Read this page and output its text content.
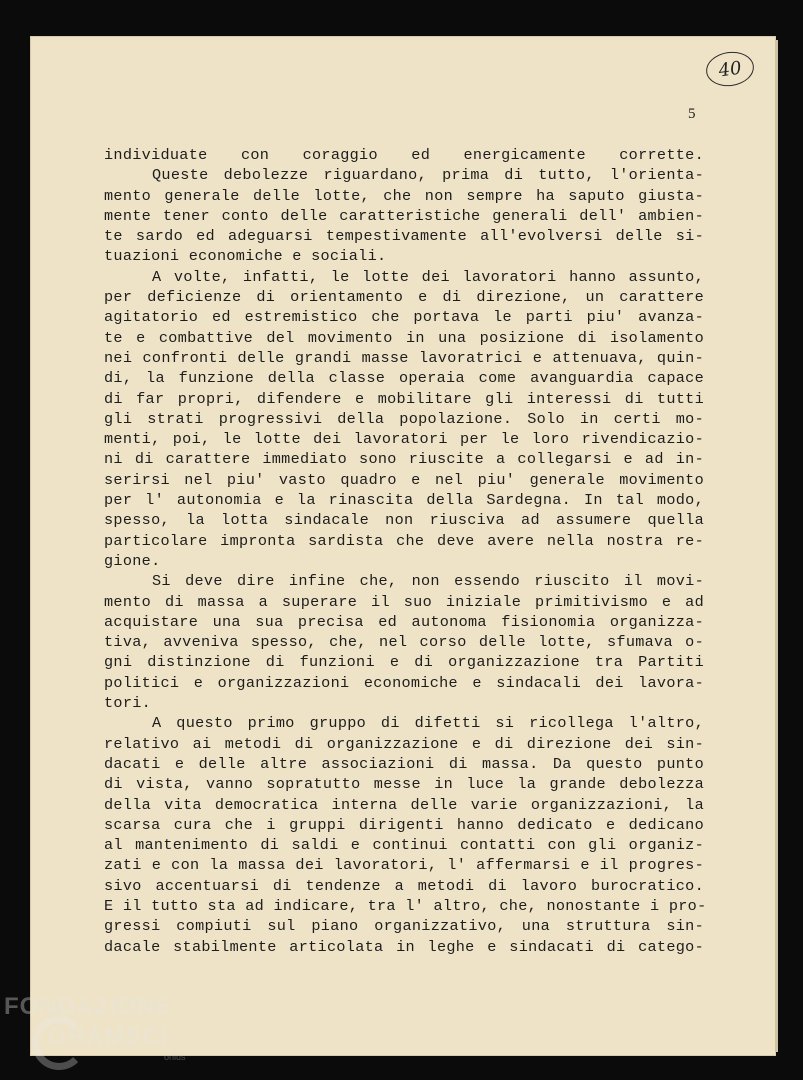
40
5
individuate con coraggio ed energicamente corrette.
Queste debolezze riguardano, prima di tutto, l'orienta-
mento generale delle lotte, che non sempre ha saputo giusta-
mente tener conto delle caratteristiche generali dell' ambien-
te sardo ed adeguarsi tempestivamente all'evolversi delle si-
tuazioni economiche e sociali.
A volte, infatti, le lotte dei lavoratori hanno assunto,
per deficienze di orientamento e di direzione, un carattere
agitatorio ed estremistico che portava le parti piu' avanza-
te e combattive del movimento in una posizione di isolamento
nei confronti delle grandi masse lavoratrici e attenuava, quin-
di, la funzione della classe operaia come avanguardia capace
di far propri, difendere e mobilitare gli interessi di tutti
gli strati progressivi della popolazione. Solo in certi mo-
menti, poi, le lotte dei lavoratori per le loro rivendicazio-
ni di carattere immediato sono riuscite a collegarsi e ad in-
serirsi nel piu' vasto quadro e nel piu' generale movimento
per l' autonomia e la rinascita della Sardegna. In tal modo,
spesso, la lotta sindacale non riusciva ad assumere quella
particolare impronta sardista che deve avere nella nostra re-
gione.
Si deve dire infine che, non essendo riuscito il movi-
mento di massa a superare il suo iniziale primitivismo e ad
acquistare una sua precisa ed autonoma fisionomia organizza-
tiva, avveniva spesso, che, nel corso delle lotte, sfumava o-
gni distinzione di funzioni e di organizzazione tra Partiti
politici e organizzazioni economiche e sindacali dei lavora-
tori.
A questo primo gruppo di difetti si ricollega l'altro,
relativo ai metodi di organizzazione e di direzione dei sin-
dacati e delle altre associazioni di massa. Da questo punto
di vista, vanno sopratutto messe in luce la grande debolezza
della vita democratica interna delle varie organizzazioni, la
scarsa cura che i gruppi dirigenti hanno dedicato e dedicano
al mantenimento di saldi e continui contatti con gli organiz-
zati e con la massa dei lavoratori, l' affermarsi e il progres-
sivo accentuarsi di tendenze a metodi di lavoro burocratico.
E il tutto sta ad indicare, tra l' altro, che, nonostante i pro-
gressi compiuti sul piano organizzativo, una struttura sin-
dacale stabilmente articolata in leghe e sindacati di catego-
FONDAZIONE
GRAMSCI
onlus
